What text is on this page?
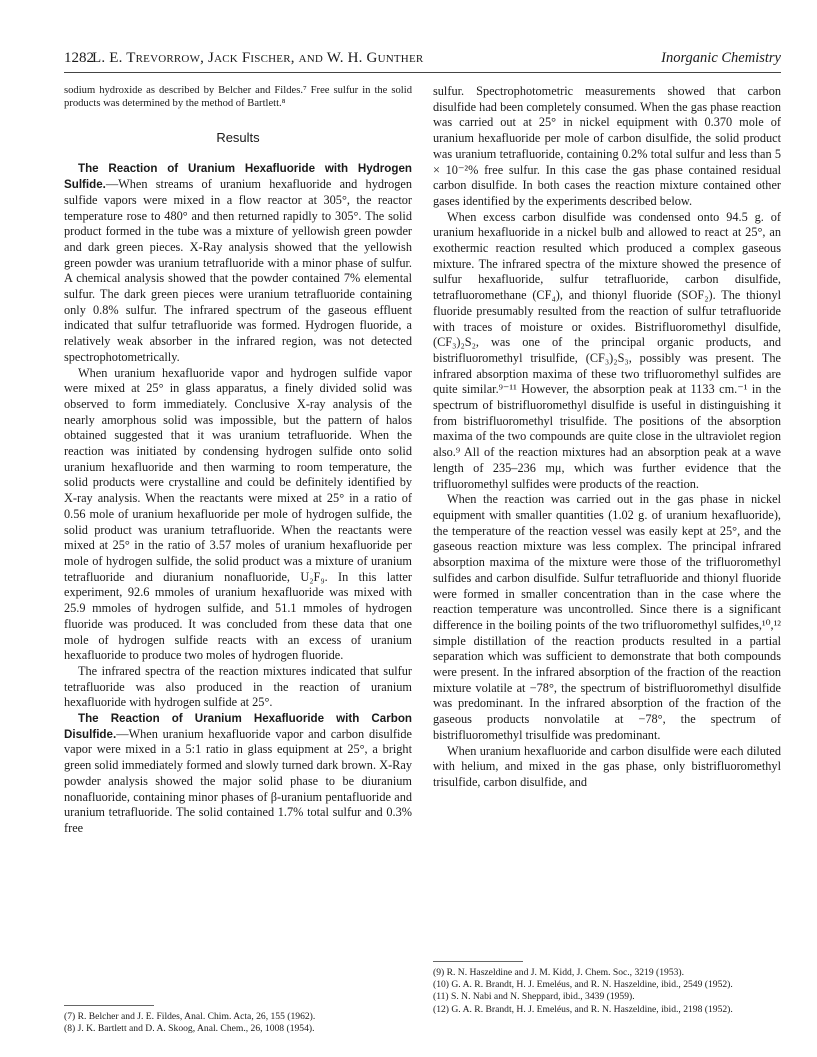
1282
L. E. Trevorrow, Jack Fischer, and W. H. Gunther	Inorganic Chemistry

sodium hydroxide as described by Belcher and Fildes.⁷ Free sulfur in the solid products was determined by the method of Bartlett.⁸

Results

The Reaction of Uranium Hexafluoride with Hydrogen Sulfide.—When streams of uranium hexafluoride and hydrogen sulfide vapors were mixed in a flow reactor at 305°, the reactor temperature rose to 480° and then returned rapidly to 305°. The solid product formed in the tube was a mixture of yellowish green powder and dark green pieces. X-Ray analysis showed that the yellowish green powder was uranium tetrafluoride with a minor phase of sulfur. A chemical analysis showed that the powder contained 7% elemental sulfur. The dark green pieces were uranium tetrafluoride containing only 0.8% sulfur. The infrared spectrum of the gaseous effluent indicated that sulfur tetrafluoride was formed. Hydrogen fluoride, a relatively weak absorber in the infrared region, was not detected spectrophotometrically.

When uranium hexafluoride vapor and hydrogen sulfide vapor were mixed at 25° in glass apparatus, a finely divided solid was observed to form immediately. Conclusive X-ray analysis of the nearly amorphous solid was impossible, but the pattern of halos obtained suggested that it was uranium tetrafluoride. When the reaction was initiated by condensing hydrogen sulfide onto solid uranium hexafluoride and then warming to room temperature, the solid products were crystalline and could be definitely identified by X-ray analysis. When the reactants were mixed at 25° in a ratio of 0.56 mole of uranium hexafluoride per mole of hydrogen sulfide, the solid product was uranium tetrafluoride. When the reactants were mixed at 25° in the ratio of 3.57 moles of uranium hexafluoride per mole of hydrogen sulfide, the solid product was a mixture of uranium tetrafluoride and diuranium nonafluoride, U₂F₉. In this latter experiment, 92.6 mmoles of uranium hexafluoride was mixed with 25.9 mmoles of hydrogen sulfide, and 51.1 mmoles of hydrogen fluoride was produced. It was concluded from these data that one mole of hydrogen sulfide reacts with an excess of uranium hexafluoride to produce two moles of hydrogen fluoride.

The infrared spectra of the reaction mixtures indicated that sulfur tetrafluoride was also produced in the reaction of uranium hexafluoride with hydrogen sulfide at 25°.

The Reaction of Uranium Hexafluoride with Carbon Disulfide.—When uranium hexafluoride vapor and carbon disulfide vapor were mixed in a 5:1 ratio in glass equipment at 25°, a bright green solid immediately formed and slowly turned dark brown. X-Ray powder analysis showed the major solid phase to be diuranium nonafluoride, containing minor phases of β-uranium pentafluoride and uranium tetrafluoride. The solid contained 1.7% total sulfur and 0.3% free

(7) R. Belcher and J. E. Fildes, Anal. Chim. Acta, 26, 155 (1962).

(8) J. K. Bartlett and D. A. Skoog, Anal. Chem., 26, 1008 (1954).

sulfur. Spectrophotometric measurements showed that carbon disulfide had been completely consumed. When the gas phase reaction was carried out at 25° in nickel equipment with 0.370 mole of uranium hexafluoride per mole of carbon disulfide, the solid product was uranium tetrafluoride, containing 0.2% total sulfur and less than 5 × 10⁻²% free sulfur. In this case the gas phase contained residual carbon disulfide. In both cases the reaction mixture contained other gases identified by the experiments described below.

When excess carbon disulfide was condensed onto 94.5 g. of uranium hexafluoride in a nickel bulb and allowed to react at 25°, an exothermic reaction resulted which produced a complex gaseous mixture. The infrared spectra of the mixture showed the presence of sulfur hexafluoride, sulfur tetrafluoride, carbon disulfide, tetrafluoromethane (CF₄), and thionyl fluoride (SOF₂). The thionyl fluoride presumably resulted from the reaction of sulfur tetrafluoride with traces of moisture or oxides. Bistrifluoromethyl disulfide, (CF₃)₂S₂, was one of the principal organic products, and bistrifluoromethyl trisulfide, (CF₃)₂S₃, possibly was present. The infrared absorption maxima of these two trifluoromethyl sulfides are quite similar.⁹⁻¹¹ However, the absorption peak at 1133 cm.⁻¹ in the spectrum of bistrifluoromethyl disulfide is useful in distinguishing it from bistrifluoromethyl trisulfide. The positions of the absorption maxima of the two compounds are quite close in the ultraviolet region also.⁹ All of the reaction mixtures had an absorption peak at a wave length of 235–236 mμ, which was further evidence that the trifluoromethyl sulfides were products of the reaction.

When the reaction was carried out in the gas phase in nickel equipment with smaller quantities (1.02 g. of uranium hexafluoride), the temperature of the reaction vessel was easily kept at 25°, and the gaseous reaction mixture was less complex. The principal infrared absorption maxima of the mixture were those of the trifluoromethyl sulfides and carbon disulfide. Sulfur tetrafluoride and thionyl fluoride were formed in smaller concentration than in the case where the reaction temperature was uncontrolled. Since there is a significant difference in the boiling points of the two trifluoromethyl sulfides,¹⁰,¹² simple distillation of the reaction products resulted in a partial separation which was sufficient to demonstrate that both compounds were present. In the infrared absorption of the fraction of the reaction mixture volatile at −78°, the spectrum of bistrifluoromethyl disulfide was predominant. In the infrared absorption of the fraction of the gaseous products nonvolatile at −78°, the spectrum of bistrifluoromethyl trisulfide was predominant.

When uranium hexafluoride and carbon disulfide were each diluted with helium, and mixed in the gas phase, only bistrifluoromethyl trisulfide, carbon disulfide, and

(9) R. N. Haszeldine and J. M. Kidd, J. Chem. Soc., 3219 (1953).

(10) G. A. R. Brandt, H. J. Emeléus, and R. N. Haszeldine, ibid., 2549 (1952).

(11) S. N. Nabi and N. Sheppard, ibid., 3439 (1959).

(12) G. A. R. Brandt, H. J. Emeléus, and R. N. Haszeldine, ibid., 2198 (1952).
